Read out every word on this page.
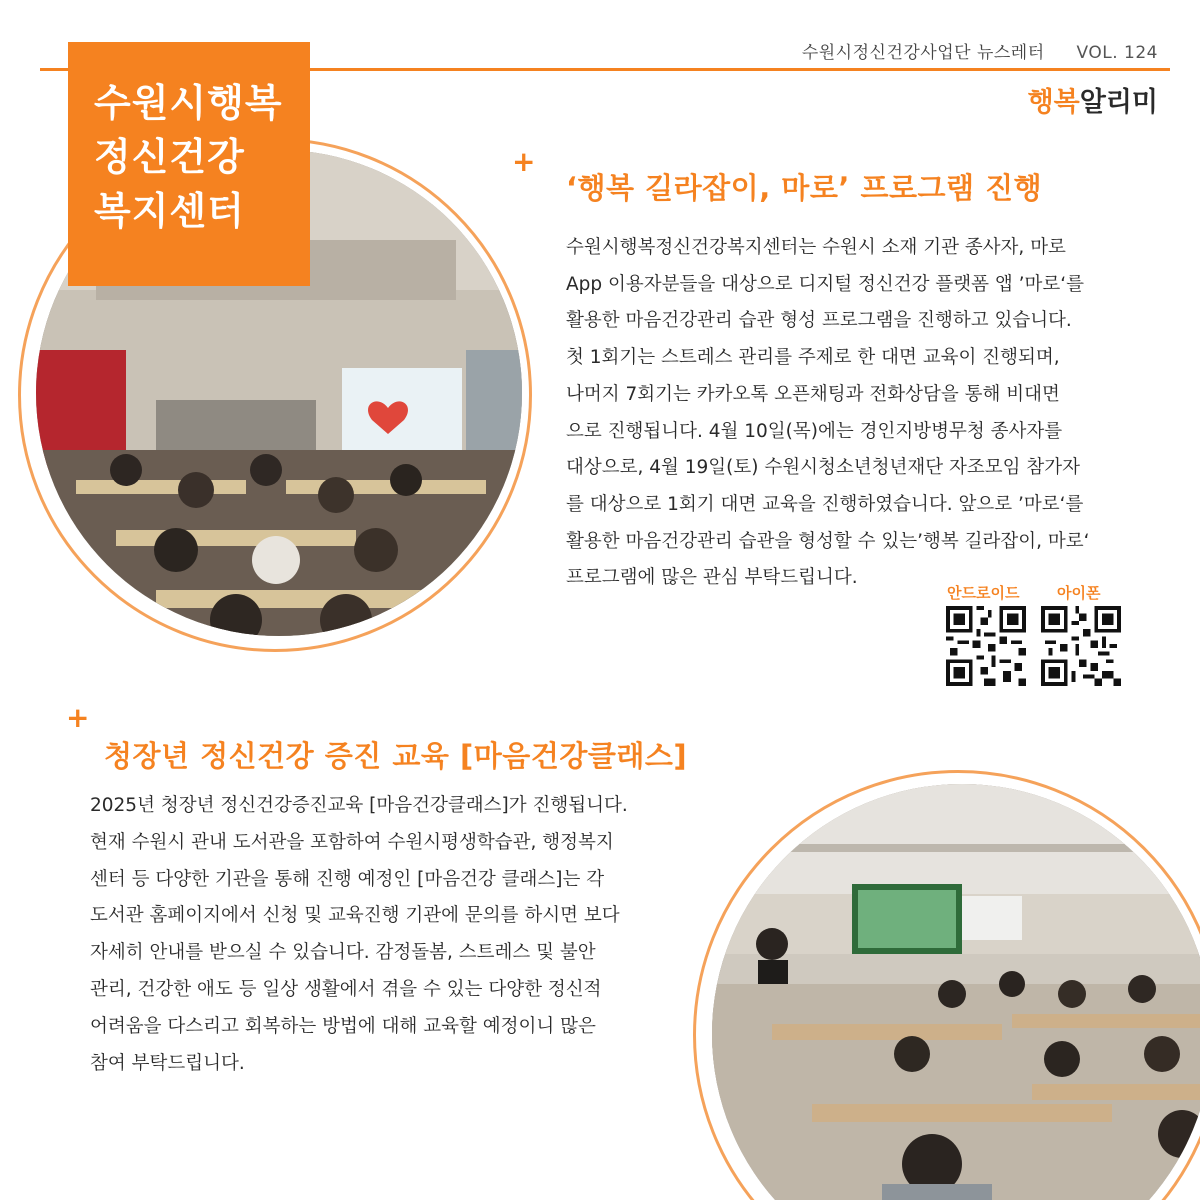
수원시정신건강사업단 뉴스레터 VOL. 124
행복알리미
수원시행복
정신건강
복지센터
+
‘행복 길라잡이, 마로’ 프로그램 진행
수원시행복정신건강복지센터는 수원시 소재 기관 종사자, 마로
App 이용자분들을 대상으로 디지털 정신건강 플랫폼 앱 ’마로‘를
활용한 마음건강관리 습관 형성 프로그램을 진행하고 있습니다.
첫 1회기는 스트레스 관리를 주제로 한 대면 교육이 진행되며,
나머지 7회기는 카카오톡 오픈채팅과 전화상담을 통해 비대면
으로 진행됩니다. 4월 10일(목)에는 경인지방병무청 종사자를
대상으로, 4월 19일(토) 수원시청소년청년재단 자조모임 참가자
를 대상으로 1회기 대면 교육을 진행하였습니다. 앞으로 ’마로‘를
활용한 마음건강관리 습관을 형성할 수 있는’행복 길라잡이, 마로‘
프로그램에 많은 관심 부탁드립니다.
안드로이드	아이폰
+
청장년 정신건강 증진 교육 [마음건강클래스]
2025년 청장년 정신건강증진교육 [마음건강클래스]가 진행됩니다.
현재 수원시 관내 도서관을 포함하여 수원시평생학습관, 행정복지
센터 등 다양한 기관을 통해 진행 예정인 [마음건강 클래스]는 각
도서관 홈페이지에서 신청 및 교육진행 기관에 문의를 하시면 보다
자세히 안내를 받으실 수 있습니다. 감정돌봄, 스트레스 및 불안
관리, 건강한 애도 등 일상 생활에서 겪을 수 있는 다양한 정신적
어려움을 다스리고 회복하는 방법에 대해 교육할 예정이니 많은
참여 부탁드립니다.
